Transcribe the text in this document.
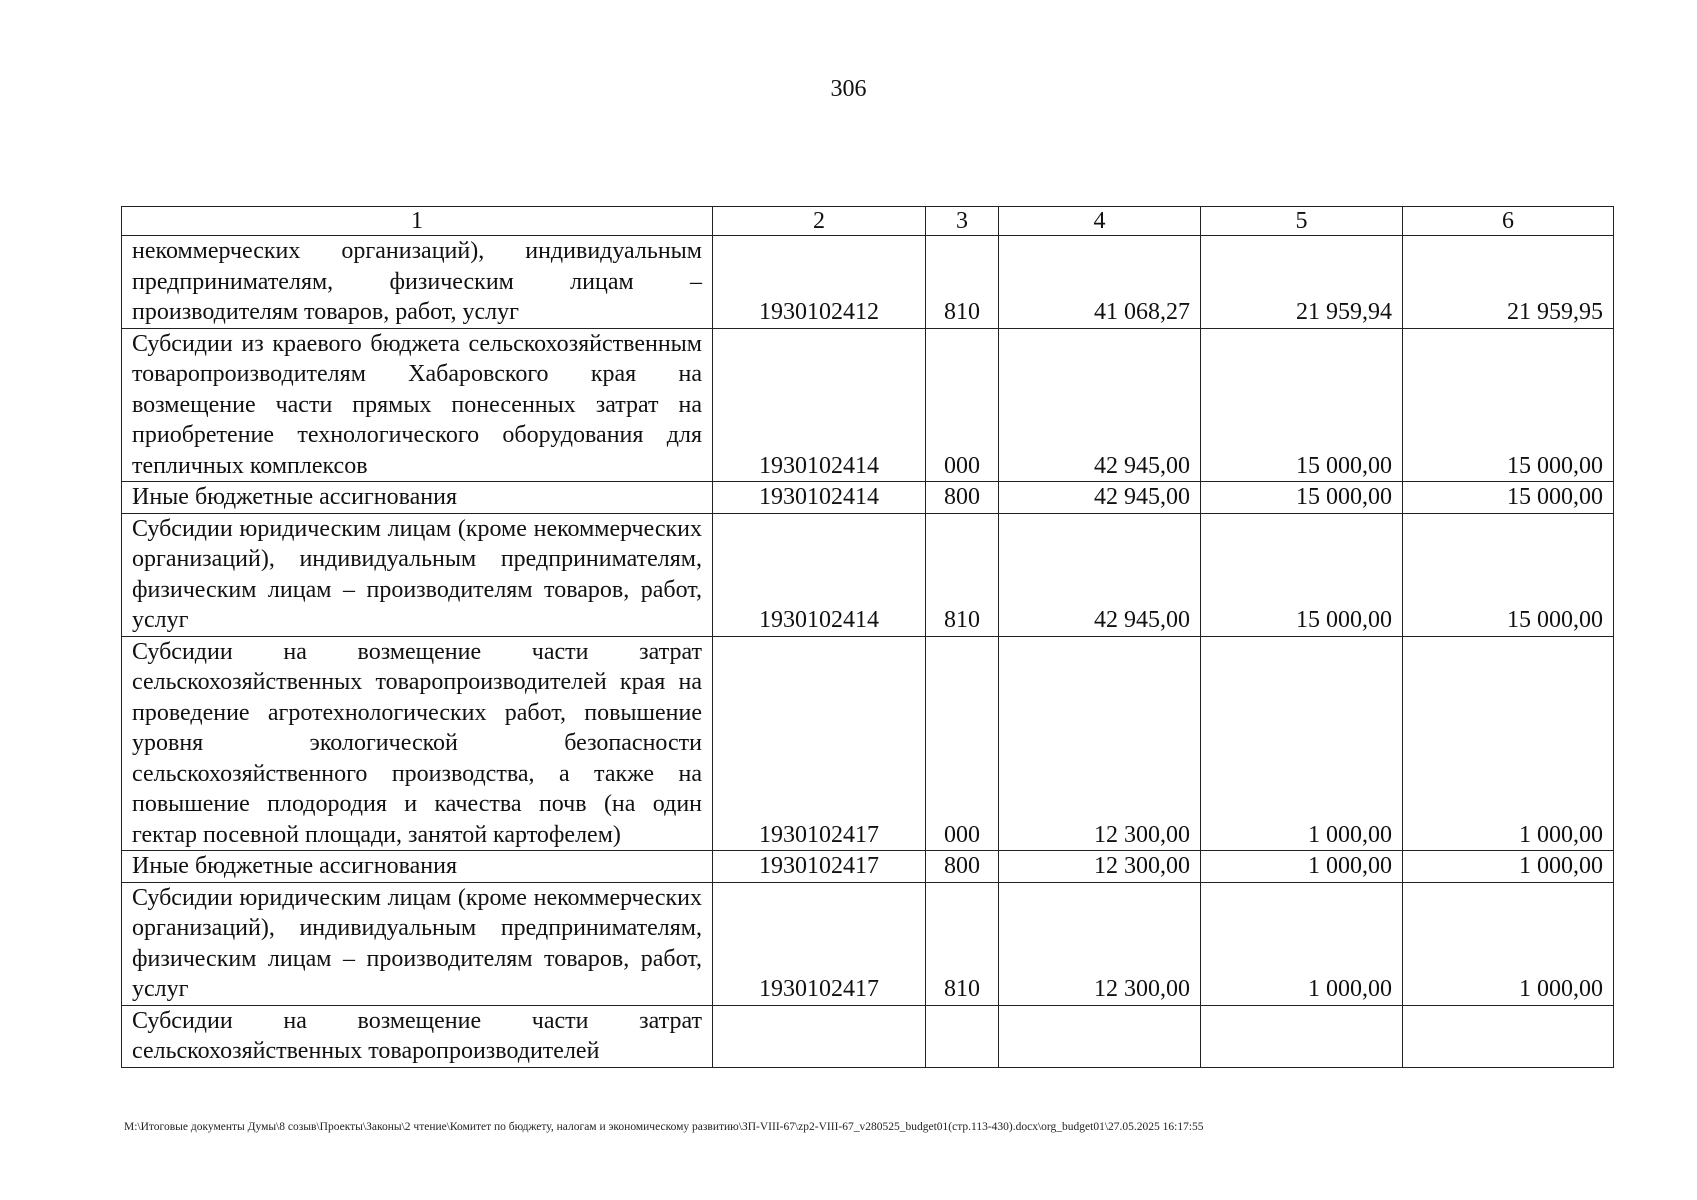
306
1	2	3	4	5	6
некоммерческих организаций), индивидуальным предпринимателям, физическим лицам – производителям товаров, работ, услуг	1930102412	810	41 068,27	21 959,94	21 959,95
Субсидии из краевого бюджета сельскохозяйственным товаропроизводителям Хабаровского края на возмещение части прямых понесенных затрат на приобретение технологического оборудования для тепличных комплексов	1930102414	000	42 945,00	15 000,00	15 000,00
Иные бюджетные ассигнования	1930102414	800	42 945,00	15 000,00	15 000,00
Субсидии юридическим лицам (кроме некоммерческих организаций), индивидуальным предпринимателям, физическим лицам – производителям товаров, работ, услуг	1930102414	810	42 945,00	15 000,00	15 000,00
Субсидии на возмещение части затрат сельскохозяйственных товаропроизводителей края на проведение агротехнологических работ, повышение уровня экологической безопасности сельскохозяйственного производства, а также на повышение плодородия и качества почв (на один гектар посевной площади, занятой картофелем)	1930102417	000	12 300,00	1 000,00	1 000,00
Иные бюджетные ассигнования	1930102417	800	12 300,00	1 000,00	1 000,00
Субсидии юридическим лицам (кроме некоммерческих организаций), индивидуальным предпринимателям, физическим лицам – производителям товаров, работ, услуг	1930102417	810	12 300,00	1 000,00	1 000,00
Субсидии на возмещение части затрат сельскохозяйственных товаропроизводителей					
M:\Итоговые документы Думы\8 созыв\Проекты\Законы\2 чтение\Комитет по бюджету, налогам и экономическому развитию\ЗП-VIII-67\zp2-VIII-67_v280525_budget01(стр.113-430).docx\org_budget01\27.05.2025 16:17:55
